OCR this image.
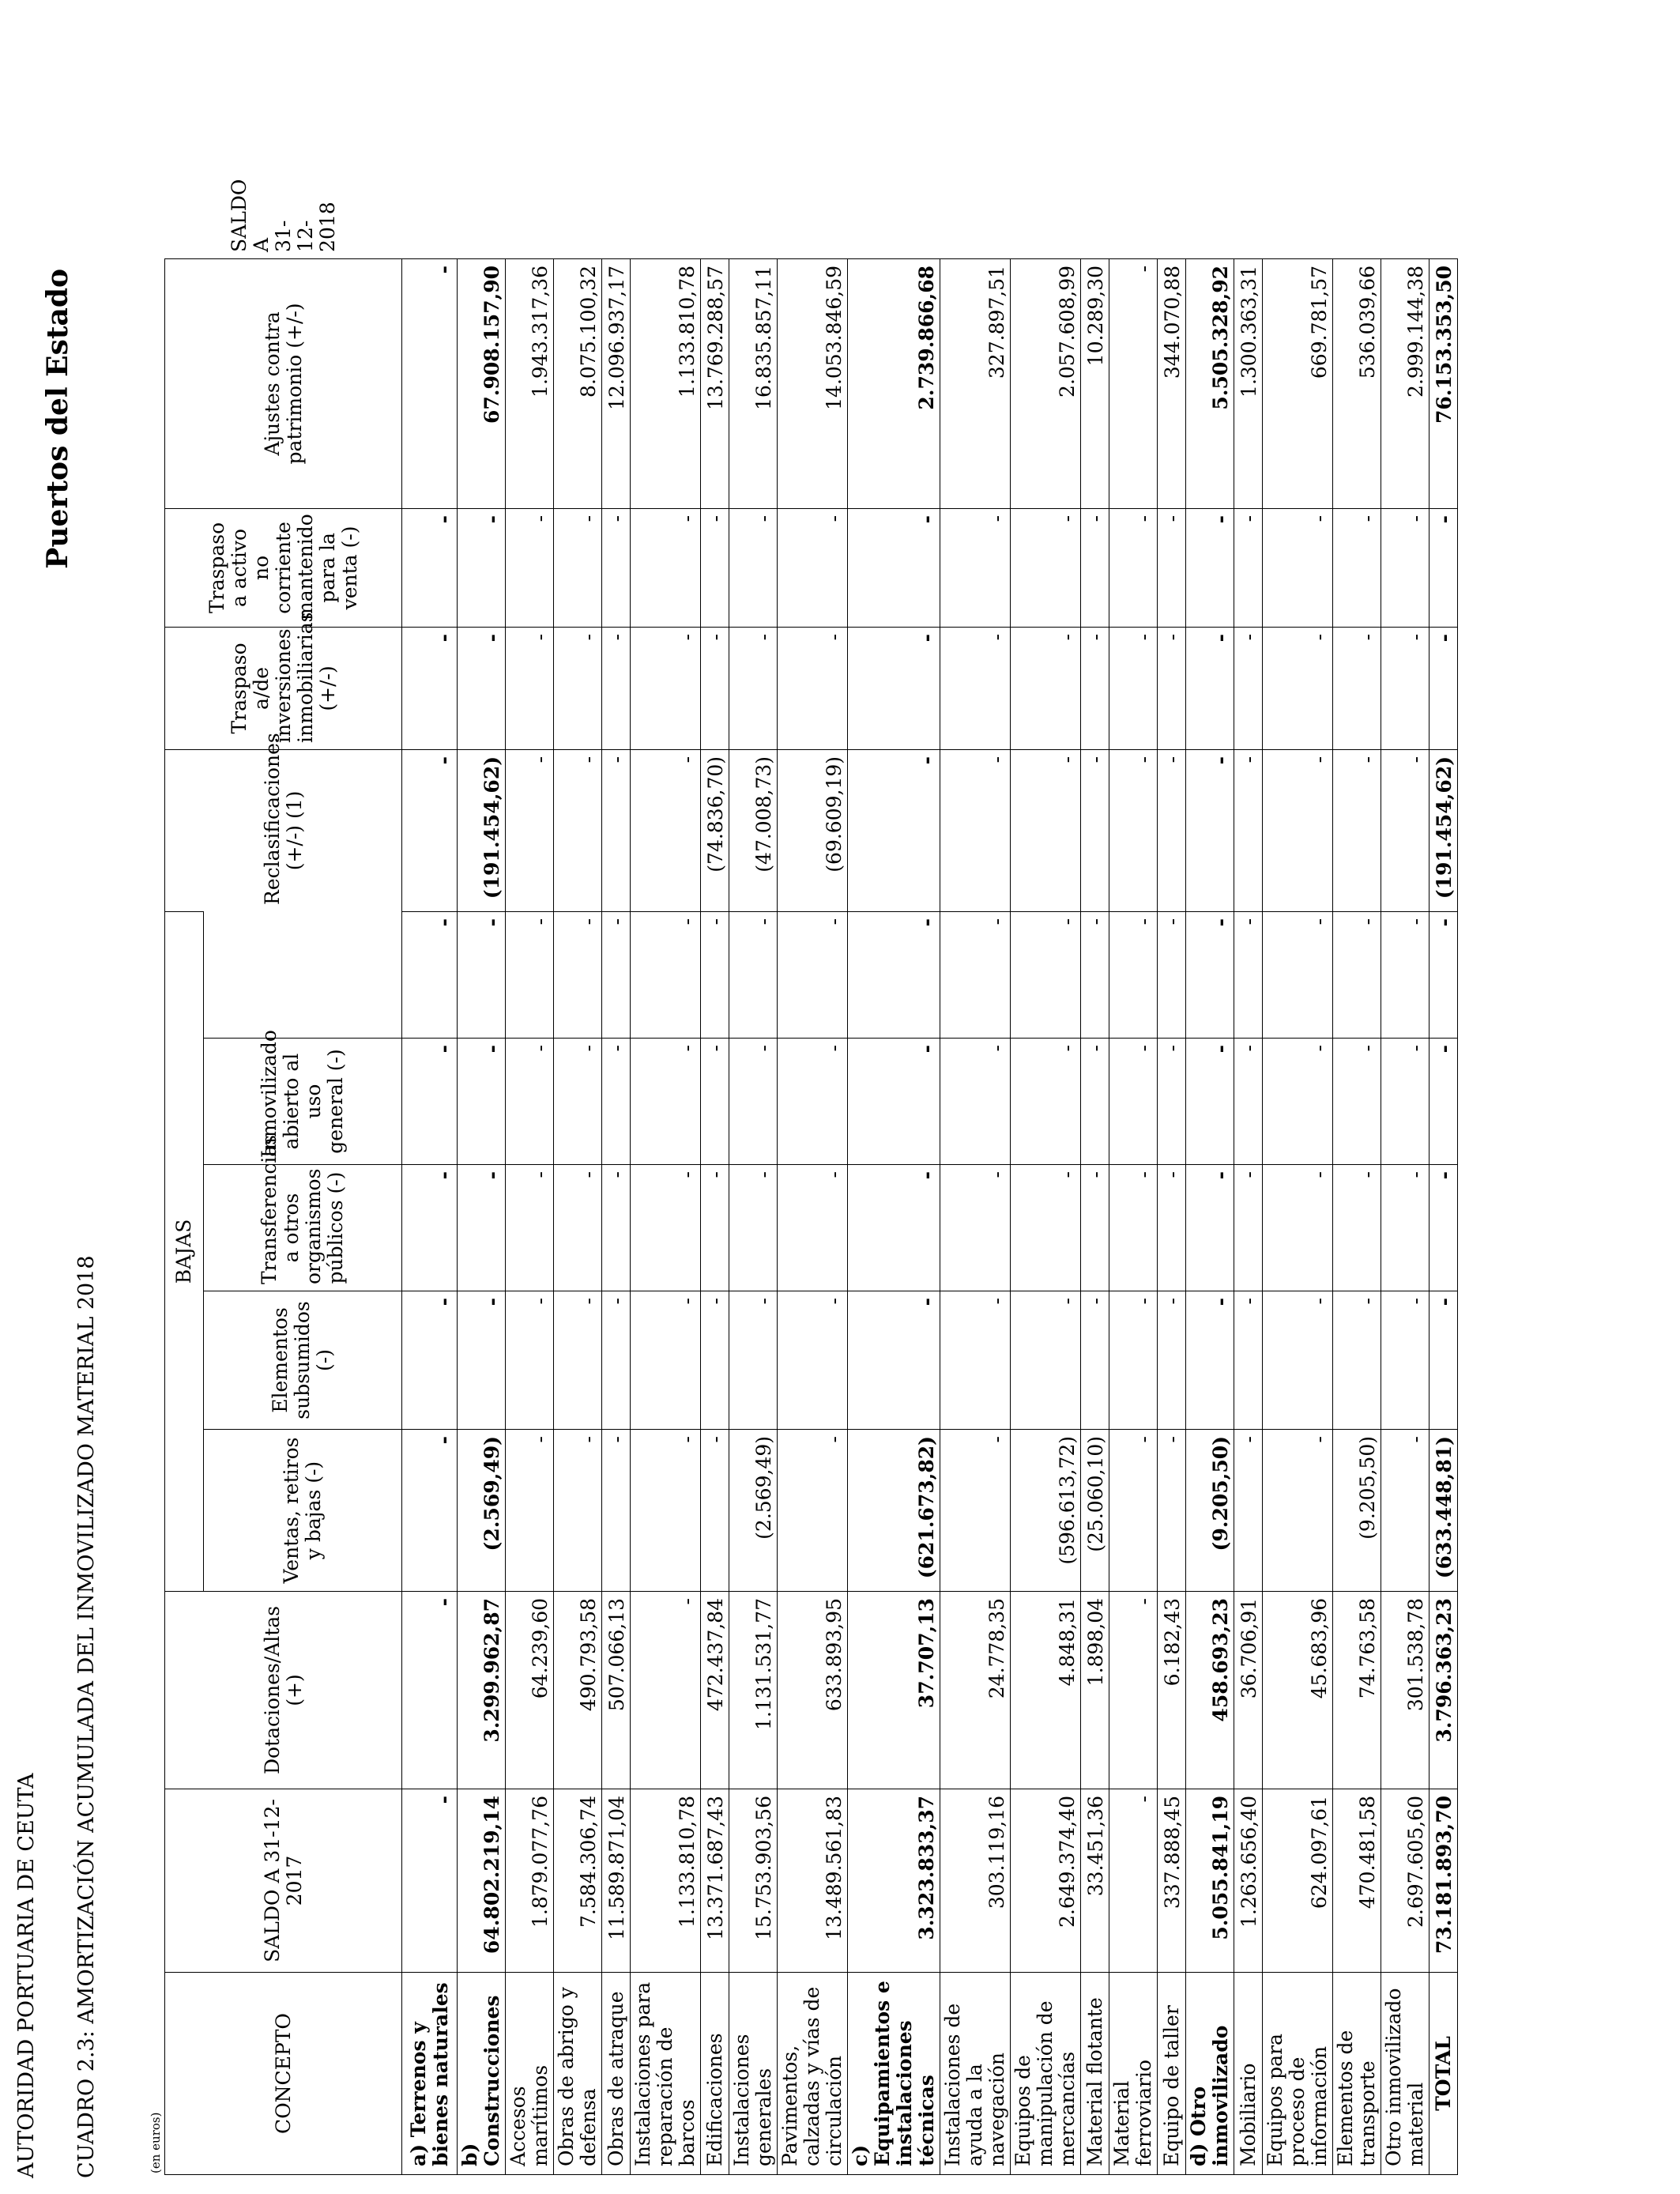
AUTORIDAD PORTUARIA DE CEUTA
Puertos del Estado
CUADRO 2.3: AMORTIZACIÓN ACUMULADA DEL INMOVILIZADO MATERIAL 2018	(en euros)
CONCEPTO	SALDO A 31-12-2017	Dotaciones/Altas (+)	BAJAS					Reclasificaciones (+/-) (1)	Traspaso a/de inversiones inmobiliarias (+/-)	Traspaso a activo no corriente mantenido para la venta (-)	Ajustes contra patrimonio (+/-)	SALDO A 31-12-2018
			Ventas, retiros y bajas (-)	Elementos subsumidos (-)	Transferencias a otros organismos públicos (-)	Inmovilizado abierto al uso general (-)						
a) Terrenos y bienes naturales	-	-	-	-	-	-	-	-	-	-	-	
b) Construcciones	64.802.219,14	3.299.962,87	(2.569,49)	-	-	-	-	(191.454,62)	-	-	67.908.157,90	
Accesos marítimos	1.879.077,76	64.239,60	-	-	-	-	-	-	-	-	1.943.317,36	
Obras de abrigo y defensa	7.584.306,74	490.793,58	-	-	-	-	-	-	-	-	8.075.100,32	
Obras de atraque	11.589.871,04	507.066,13	-	-	-	-	-	-	-	-	12.096.937,17	
Instalaciones para reparación de barcos	1.133.810,78	-	-	-	-	-	-	-	-	-	1.133.810,78	
Edificaciones	13.371.687,43	472.437,84	-	-	-	-	-	(74.836,70)	-	-	13.769.288,57	
Instalaciones generales	15.753.903,56	1.131.531,77	(2.569,49)	-	-	-	-	(47.008,73)	-	-	16.835.857,11	
Pavimentos, calzadas y vías de circulación	13.489.561,83	633.893,95	-	-	-	-	-	(69.609,19)	-	-	14.053.846,59	
c) Equipamientos e instalaciones técnicas	3.323.833,37	37.707,13	(621.673,82)	-	-	-	-	-	-	-	2.739.866,68	
Instalaciones de ayuda a la navegación	303.119,16	24.778,35	-	-	-	-	-	-	-	-	327.897,51	
Equipos de manipulación de mercancías	2.649.374,40	4.848,31	(596.613,72)	-	-	-	-	-	-	-	2.057.608,99	
Material flotante	33.451,36	1.898,04	(25.060,10)	-	-	-	-	-	-	-	10.289,30	
Material ferroviario	-	-	-	-	-	-	-	-	-	-	-	
Equipo de taller	337.888,45	6.182,43	-	-	-	-	-	-	-	-	344.070,88	
d) Otro inmovilizado	5.055.841,19	458.693,23	(9.205,50)	-	-	-	-	-	-	-	5.505.328,92	
Mobiliario	1.263.656,40	36.706,91	-	-	-	-	-	-	-	-	1.300.363,31	
Equipos para proceso de información	624.097,61	45.683,96	-	-	-	-	-	-	-	-	669.781,57	
Elementos de transporte	470.481,58	74.763,58	(9.205,50)	-	-	-	-	-	-	-	536.039,66	
Otro inmovilizado material	2.697.605,60	301.538,78	-	-	-	-	-	-	-	-	2.999.144,38	
TOTAL	73.181.893,70	3.796.363,23	(633.448,81)	-	-	-	-	(191.454,62)	-	-	76.153.353,50	
